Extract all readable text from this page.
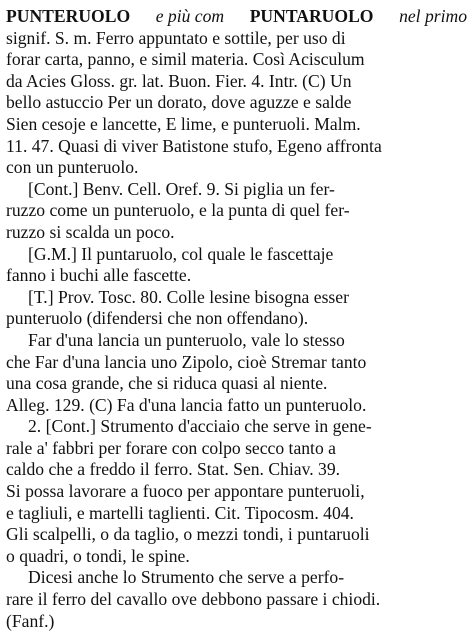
PUNTERUOLO e più com PUNTARUOLO nel primo
signif. S. m. Ferro appuntato e sottile, per uso di
forar carta, panno, e simil materia. Così Acisculum
da Acies Gloss. gr. lat. Buon. Fier. 4. Intr. (C) Un
bello astuccio Per un dorato, dove aguzze e salde
Sien cesoje e lancette, E lime, e punteruoli. Malm.
11. 47. Quasi di viver Batistone stufo, Egeno affronta
con un punteruolo.
[Cont.] Benv. Cell. Oref. 9. Si piglia un fer-
ruzzo come un punteruolo, e la punta di quel fer-
ruzzo si scalda un poco.
[G.M.] Il puntaruolo, col quale le fascettaje
fanno i buchi alle fascette.
[T.] Prov. Tosc. 80. Colle lesine bisogna esser
punteruolo (difendersi che non offendano).
Far d'una lancia un punteruolo, vale lo stesso
che Far d'una lancia uno Zipolo, cioè Stremar tanto
una cosa grande, che si riduca quasi al niente.
Alleg. 129. (C) Fa d'una lancia fatto un punteruolo.
2. [Cont.] Strumento d'acciaio che serve in gene-
rale a' fabbri per forare con colpo secco tanto a
caldo che a freddo il ferro. Stat. Sen. Chiav. 39.
Si possa lavorare a fuoco per appontare punteruoli,
e tagliuli, e martelli taglienti. Cit. Tipocosm. 404.
Gli scalpelli, o da taglio, o mezzi tondi, i puntaruoli
o quadri, o tondi, le spine.
Dicesi anche lo Strumento che serve a perfo-
rare il ferro del cavallo ove debbono passare i chiodi.
(Fanf.)
